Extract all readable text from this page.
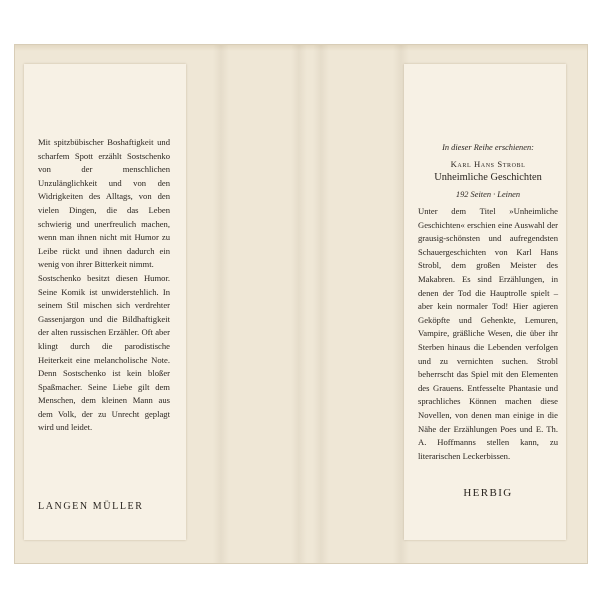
Mit spitzbübischer Boshaftigkeit und scharfem Spott erzählt Sostschenko von der menschlichen Unzulänglichkeit und von den Widrigkeiten des Alltags, von den vielen Dingen, die das Leben schwierig und unerfreulich machen, wenn man ihnen nicht mit Humor zu Leibe rückt und ihnen dadurch ein wenig von ihrer Bitterkeit nimmt.

Sostschenko besitzt diesen Humor. Seine Komik ist unwiderstehlich. In seinem Stil mischen sich verdrehter Gassenjargon und die Bildhaftigkeit der alten russischen Erzähler. Oft aber klingt durch die parodistische Heiterkeit eine melancholische Note. Denn Sostschenko ist kein bloßer Spaßmacher. Seine Liebe gilt dem Menschen, dem kleinen Mann aus dem Volk, der zu Unrecht geplagt wird und leidet.

LANGEN MÜLLER
In dieser Reihe erschienen:
Karl Hans Strobl
Unheimliche Geschichten
192 Seiten · Leinen

Unter dem Titel »Unheimliche Geschichten« erschien eine Auswahl der grausig-schönsten und aufregendsten Schauergeschichten von Karl Hans Strobl, dem großen Meister des Makabren. Es sind Erzählungen, in denen der Tod die Hauptrolle spielt – aber kein normaler Tod! Hier agieren Geköpfte und Gehenkte, Lemuren, Vampire, gräßliche Wesen, die über ihr Sterben hinaus die Lebenden verfolgen und zu vernichten suchen. Strobl beherrscht das Spiel mit den Elementen des Grauens. Entfesselte Phantasie und sprachliches Können machen diese Novellen, von denen man einige in die Nähe der Erzählungen Poes und E. Th. A. Hoffmanns stellen kann, zu literarischen Leckerbissen.

HERBIG
